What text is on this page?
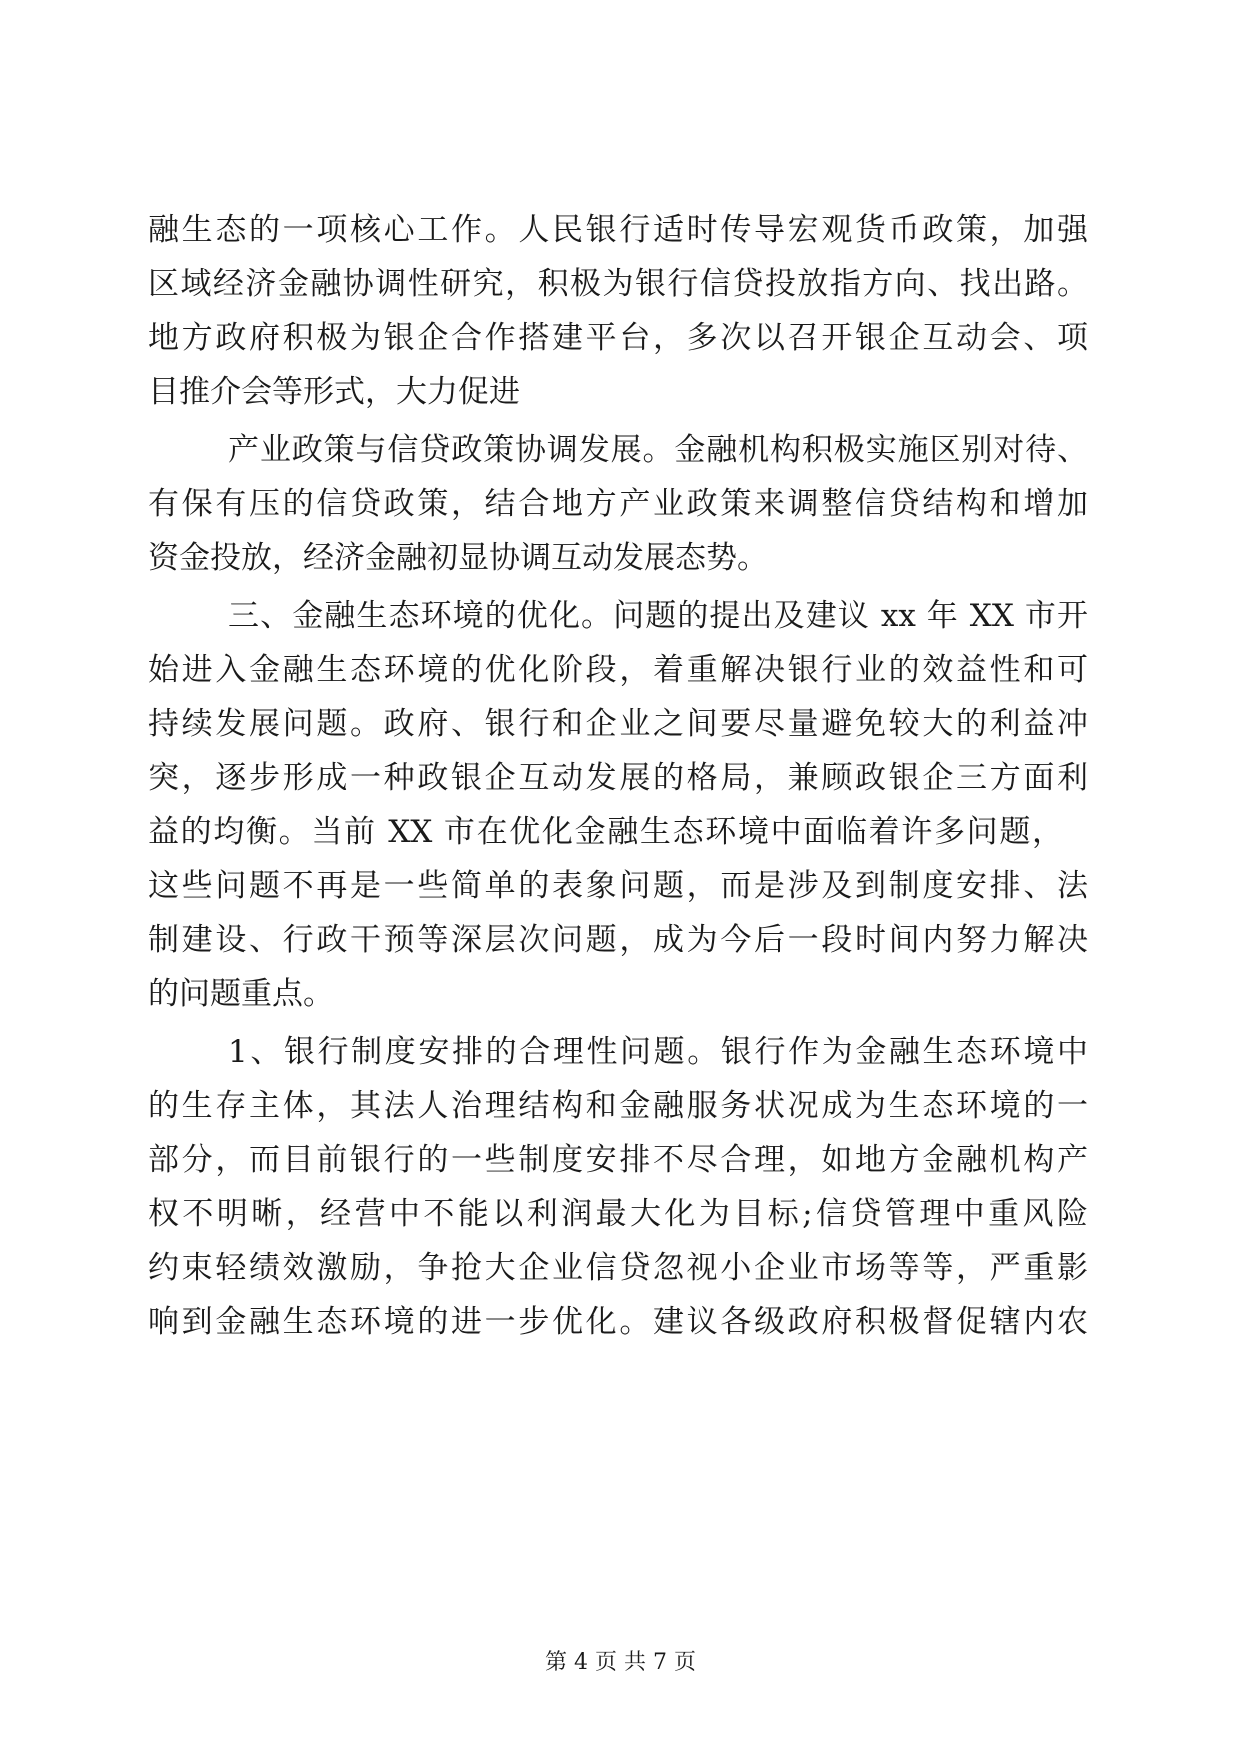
融生态的一项核心工作。人民银行适时传导宏观货币政策，加强
区域经济金融协调性研究，积极为银行信贷投放指方向、找出路。
地方政府积极为银企合作搭建平台，多次以召开银企互动会、项
目推介会等形式，大力促进
产业政策与信贷政策协调发展。金融机构积极实施区别对待、
有保有压的信贷政策，结合地方产业政策来调整信贷结构和增加
资金投放，经济金融初显协调互动发展态势。
三、金融生态环境的优化。问题的提出及建议 xx 年 XX 市开
始进入金融生态环境的优化阶段，着重解决银行业的效益性和可
持续发展问题。政府、银行和企业之间要尽量避免较大的利益冲
突，逐步形成一种政银企互动发展的格局，兼顾政银企三方面利
益的均衡。当前 XX 市在优化金融生态环境中面临着许多问题，
这些问题不再是一些简单的表象问题，而是涉及到制度安排、法
制建设、行政干预等深层次问题，成为今后一段时间内努力解决
的问题重点。
1、银行制度安排的合理性问题。银行作为金融生态环境中
的生存主体，其法人治理结构和金融服务状况成为生态环境的一
部分，而目前银行的一些制度安排不尽合理，如地方金融机构产
权不明晰，经营中不能以利润最大化为目标;信贷管理中重风险
约束轻绩效激励，争抢大企业信贷忽视小企业市场等等，严重影
响到金融生态环境的进一步优化。建议各级政府积极督促辖内农
第 4 页 共 7 页
